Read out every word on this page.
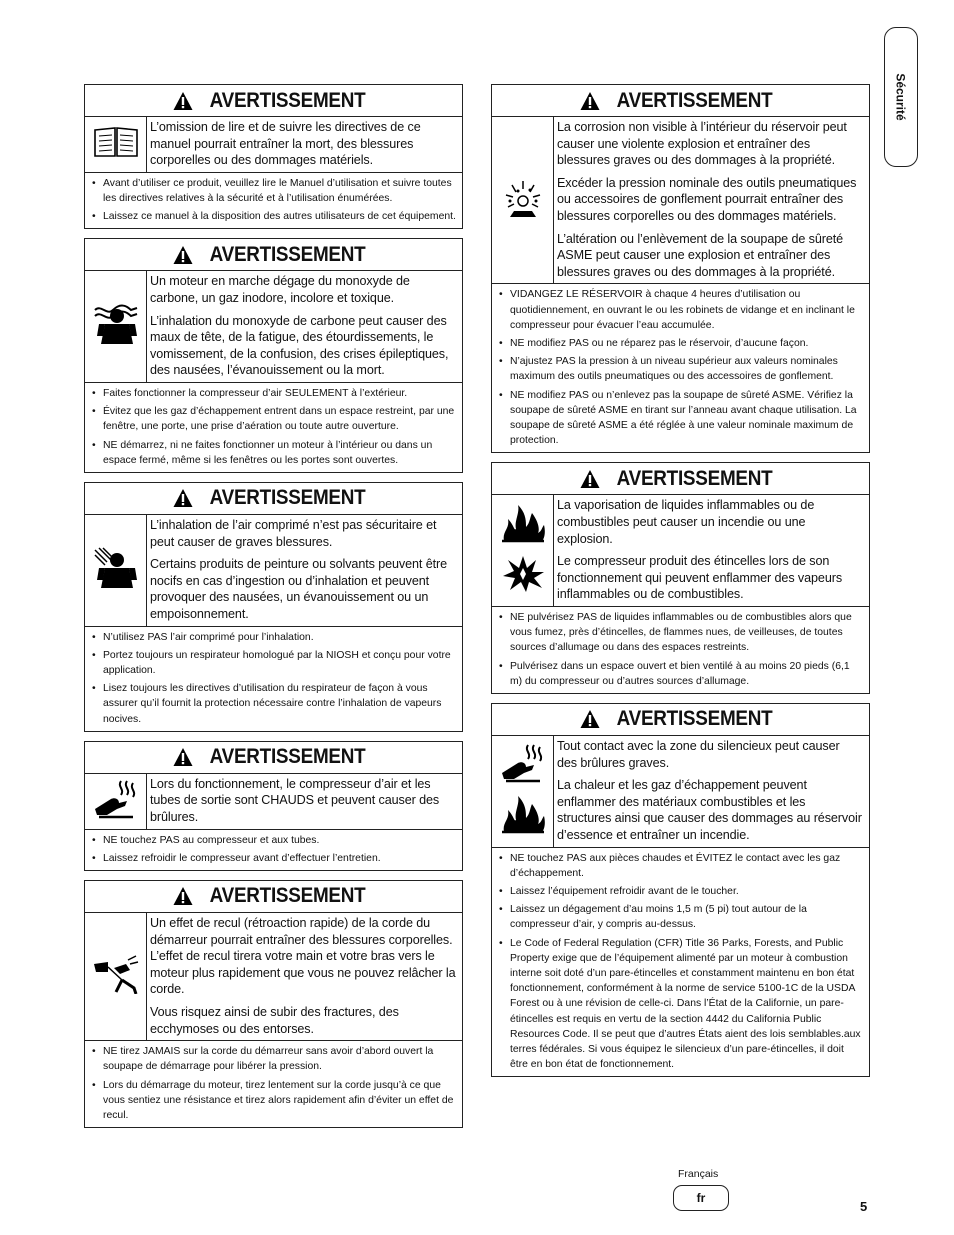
Sécurité
AVERTISSEMENT

L’omission de lire et de suivre les directives de ce manuel pourrait entraîner la mort, des blessures corporelles ou des dommages matériels.

• Avant d’utiliser ce produit, veuillez lire le Manuel d’utilisation et suivre toutes les directives relatives à la sécurité et à l’utilisation énumérées.
• Laissez ce manuel à la disposition des autres utilisateurs de cet équipement.
AVERTISSEMENT

Un moteur en marche dégage du monoxyde de carbone, un gaz inodore, incolore et toxique.

L’inhalation du monoxyde de carbone peut causer des maux de tête, de la fatigue, des étourdissements, le vomissement, de la confusion, des crises épileptiques, des nausées, l’évanouissement ou la mort.

• Faites fonctionner la compresseur d’air SEULEMENT à l’extérieur.
• Évitez que les gaz d’échappement entrent dans un espace restreint, par une fenêtre, une porte, une prise d’aération ou toute autre ouverture.
• NE démarrez, ni ne faites fonctionner un moteur à l’intérieur ou dans un espace fermé, même si les fenêtres ou les portes sont ouvertes.
AVERTISSEMENT

L’inhalation de l’air comprimé n’est pas sécuritaire et peut causer de graves blessures.

Certains produits de peinture ou solvants peuvent être nocifs en cas d’ingestion ou d’inhalation et peuvent provoquer des nausées, un évanouissement ou un empoisonnement.

• N’utilisez PAS l’air comprimé pour l’inhalation.
• Portez toujours un respirateur homologué par la NIOSH et conçu pour votre application.
• Lisez toujours les directives d’utilisation du respirateur de façon à vous assurer qu’il fournit la protection nécessaire contre l’inhalation de vapeurs nocives.
AVERTISSEMENT

Lors du fonctionnement, le compresseur d’air et les tubes de sortie sont CHAUDS et peuvent causer des brûlures.

• NE touchez PAS au compresseur et aux tubes.
• Laissez refroidir le compresseur avant d’effectuer l’entretien.
AVERTISSEMENT

Un effet de recul (rétroaction rapide) de la corde du démarreur pourrait entraîner des blessures corporelles. L’effet de recul tirera votre main et votre bras vers le moteur plus rapidement que vous ne pouvez relâcher la corde.

Vous risquez ainsi de subir des fractures, des ecchymoses ou des entorses.

• NE tirez JAMAIS sur la corde du démarreur sans avoir d’abord ouvert la soupape de démarrage pour libérer la pression.
• Lors du démarrage du moteur, tirez lentement sur la corde jusqu’à ce que vous sentiez une résistance et tirez alors rapidement afin d’éviter un effet de recul.
AVERTISSEMENT

La corrosion non visible à l’intérieur du réservoir peut causer une violente explosion et entraîner des blessures graves ou des dommages à la propriété.

Excéder la pression nominale des outils pneumatiques ou accessoires de gonflement pourrait entraîner des blessures corporelles ou des dommages matériels.

L’altération ou l’enlèvement de la soupape de sûreté ASME peut causer une explosion et entraîner des blessures graves ou des dommages à la propriété.

• VIDANGEZ LE RÉSERVOIR à chaque 4 heures d’utilisation ou quotidiennement, en ouvrant le ou les robinets de vidange et en inclinant le compresseur pour évacuer l’eau accumulée.
• NE modifiez PAS ou ne réparez pas le réservoir, d’aucune façon.
• N’ajustez PAS la pression à un niveau supérieur aux valeurs nominales maximum des outils pneumatiques ou des accessoires de gonflement.
• NE modifiez PAS ou n’enlevez pas la soupape de sûreté ASME. Vérifiez la soupape de sûreté ASME en tirant sur l’anneau avant chaque utilisation. La soupape de sûreté ASME a été réglée à une valeur nominale maximum de protection.
AVERTISSEMENT

La vaporisation de liquides inflammables ou de combustibles peut causer un incendie ou une explosion.

Le compresseur produit des étincelles lors de son fonctionnement qui peuvent enflammer des vapeurs inflammables ou de combustibles.

• NE pulvérisez PAS de liquides inflammables ou de combustibles alors que vous fumez, près d’étincelles, de flammes nues, de veilleuses, de toutes sources d’allumage ou dans des espaces restreints.
• Pulvérisez dans un espace ouvert et bien ventilé à au moins 20 pieds (6,1 m) du compresseur ou d’autres sources d’allumage.
AVERTISSEMENT

Tout contact avec la zone du silencieux peut causer des brûlures graves.

La chaleur et les gaz d’échappement peuvent enflammer des matériaux combustibles et les structures ainsi que causer des dommages au réservoir d’essence et entraîner un incendie.

• NE touchez PAS aux pièces chaudes et ÉVITEZ le contact avec les gaz d’échappement.
• Laissez l’équipement refroidir avant de le toucher.
• Laissez un dégagement d’au moins 1,5 m (5 pi) tout autour de la compresseur d’air, y compris au-dessus.
• Le Code of Federal Regulation (CFR) Title 36 Parks, Forests, and Public Property exige que de l’équipement alimenté par un moteur à combustion interne soit doté d’un pare-étincelles et constamment maintenu en bon état fonctionnement, conformément à la norme de service 5100-1C de la USDA Forest ou à une révision de celle-ci. Dans l’État de la Californie, un pare-étincelles est requis en vertu de la section 4442 du California Public Resources Code. Il se peut que d’autres États aient des lois semblables.aux terres fédérales. Si vous équipez le silencieux d’un pare-étincelles, il doit être en bon état de fonctionnement.
Français
fr
5
